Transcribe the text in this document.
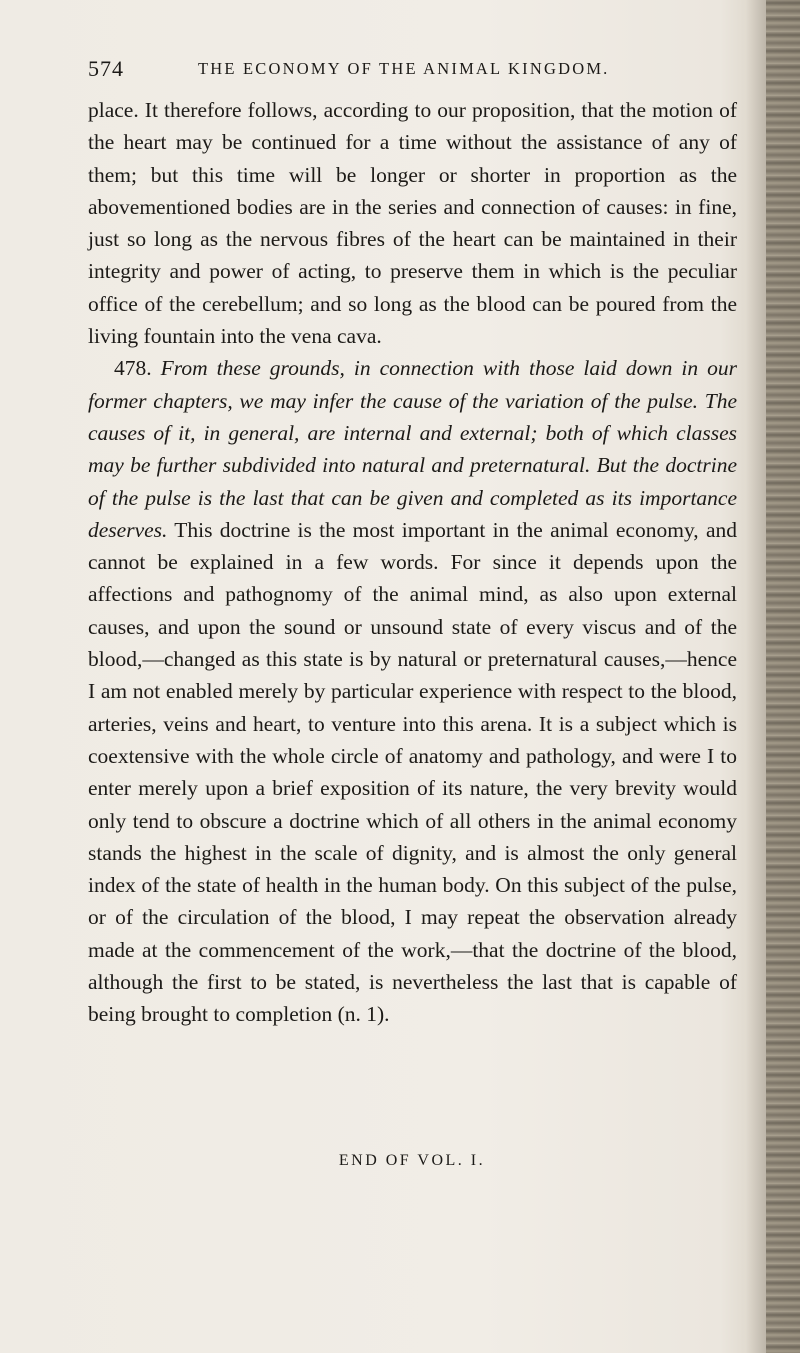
574	THE ECONOMY OF THE ANIMAL KINGDOM.

place. It therefore follows, according to our proposition, that the motion of the heart may be continued for a time without the assistance of any of them; but this time will be longer or shorter in proportion as the abovementioned bodies are in the series and connection of causes: in fine, just so long as the nervous fibres of the heart can be maintained in their integrity and power of acting, to preserve them in which is the peculiar office of the cerebellum; and so long as the blood can be poured from the living fountain into the vena cava.

478. From these grounds, in connection with those laid down in our former chapters, we may infer the cause of the variation of the pulse. The causes of it, in general, are internal and external; both of which classes may be further subdivided into natural and preternatural. But the doctrine of the pulse is the last that can be given and completed as its importance deserves. This doctrine is the most important in the animal economy, and cannot be explained in a few words. For since it depends upon the affections and pathognomy of the animal mind, as also upon external causes, and upon the sound or unsound state of every viscus and of the blood,—changed as this state is by natural or preternatural causes,—hence I am not enabled merely by particular experience with respect to the blood, arteries, veins and heart, to venture into this arena. It is a subject which is coextensive with the whole circle of anatomy and pathology, and were I to enter merely upon a brief exposition of its nature, the very brevity would only tend to obscure a doctrine which of all others in the animal economy stands the highest in the scale of dignity, and is almost the only general index of the state of health in the human body. On this subject of the pulse, or of the circulation of the blood, I may repeat the observation already made at the commencement of the work,—that the doctrine of the blood, although the first to be stated, is nevertheless the last that is capable of being brought to completion (n. 1).

END OF VOL. I.
